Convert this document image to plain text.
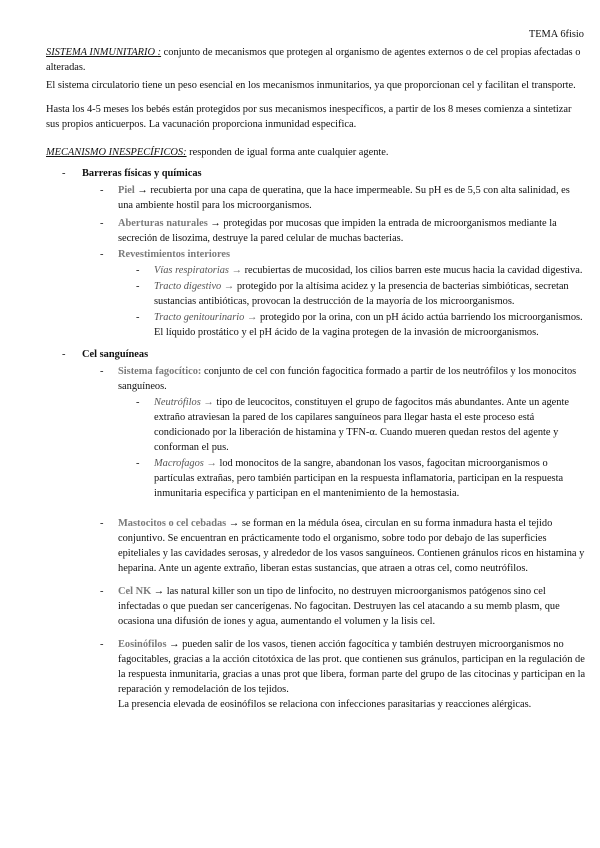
TEMA 6fisio

SISTEMA INMUNITARIO : conjunto de mecanismos que protegen al organismo de agentes externos o de cel propias afectadas o alteradas.

El sistema circulatorio tiene un peso esencial en los mecanismos inmunitarios, ya que proporcionan cel y facilitan el transporte.

Hasta los 4-5 meses los bebés están protegidos por sus mecanismos inespecíficos, a partir de los 8 meses comienza a sintetizar sus propios anticuerpos. La vacunación proporciona inmunidad especifica.

MECANISMO INESPECÍFICOS: responden de igual forma ante cualquier agente.

- Barreras físicas y químicas
- Piel → recubierta por una capa de queratina, que la hace impermeable. Su pH es de 5,5 con alta salinidad, es una ambiente hostil para los microorganismos.
- Aberturas naturales → protegidas por mucosas que impiden la entrada de microorganismos mediante la secreción de lisozima, destruye la pared celular de muchas bacterias.
- Revestimientos interiores
- Vías respiratorias → recubiertas de mucosidad, los cilios barren este mucus hacia la cavidad digestiva.
- Tracto digestivo → protegido por la altísima acidez y la presencia de bacterias simbióticas, secretan sustancias antibióticas, provocan la destrucción de la mayoría de los microorganismos.
- Tracto genitourinario → protegido por la orina, con un pH ácido actúa barriendo los microorganismos. El líquido prostático y el pH ácido de la vagina protegen de la invasión de microorganismos.
- Cel sanguíneas
- Sistema fagocítico: conjunto de cel con función fagocitica formado a partir de los neutrófilos y los monocitos sanguíneos.
- Neutrófilos → tipo de leucocitos, constituyen el grupo de fagocitos más abundantes. Ante un agente extraño atraviesan la pared de los capilares sanguíneos para llegar hasta el este proceso está condicionado por la liberación de histamina y TFN-α. Cuando mueren quedan restos del agente y conforman el pus.
- Macrofagos → lod monocitos de la sangre, abandonan los vasos, fagocitan microorganismos o partículas extrañas, pero también participan en la respuesta inflamatoria, participan en la respuesta inmunitaria especifica y participan en el mantenimiento de la hemostasia.
- Mastocitos o cel cebadas → se forman en la médula ósea, circulan en su forma inmadura hasta el tejido conjuntivo. Se encuentran en prácticamente todo el organismo, sobre todo por debajo de las superficies epiteliales y las cavidades serosas, y alrededor de los vasos sanguíneos. Contienen gránulos ricos en histamina y heparina. Ante un agente extraño, liberan estas sustancias, que atraen a otras cel, como neutrófilos.
- Cel NK → las natural killer son un tipo de linfocito, no destruyen microorganismos patógenos sino cel infectadas o que puedan ser cancerígenas. No fagocitan. Destruyen las cel atacando a su memb plasm, que ocasiona una difusión de iones y agua, aumentando el volumen y la lisis cel.
- Eosinófilos → pueden salir de los vasos, tienen acción fagocítica y también destruyen microorganismos no fagocitables, gracias a la acción citotóxica de las prot. que contienen sus gránulos, participan en la regulación de la respuesta inmunitaria, gracias a unas prot que libera, forman parte del grupo de las citocinas y participan en la reparación y remodelación de los tejidos.

La presencia elevada de eosinófilos se relaciona con infecciones parasitarias y reacciones alérgicas.
